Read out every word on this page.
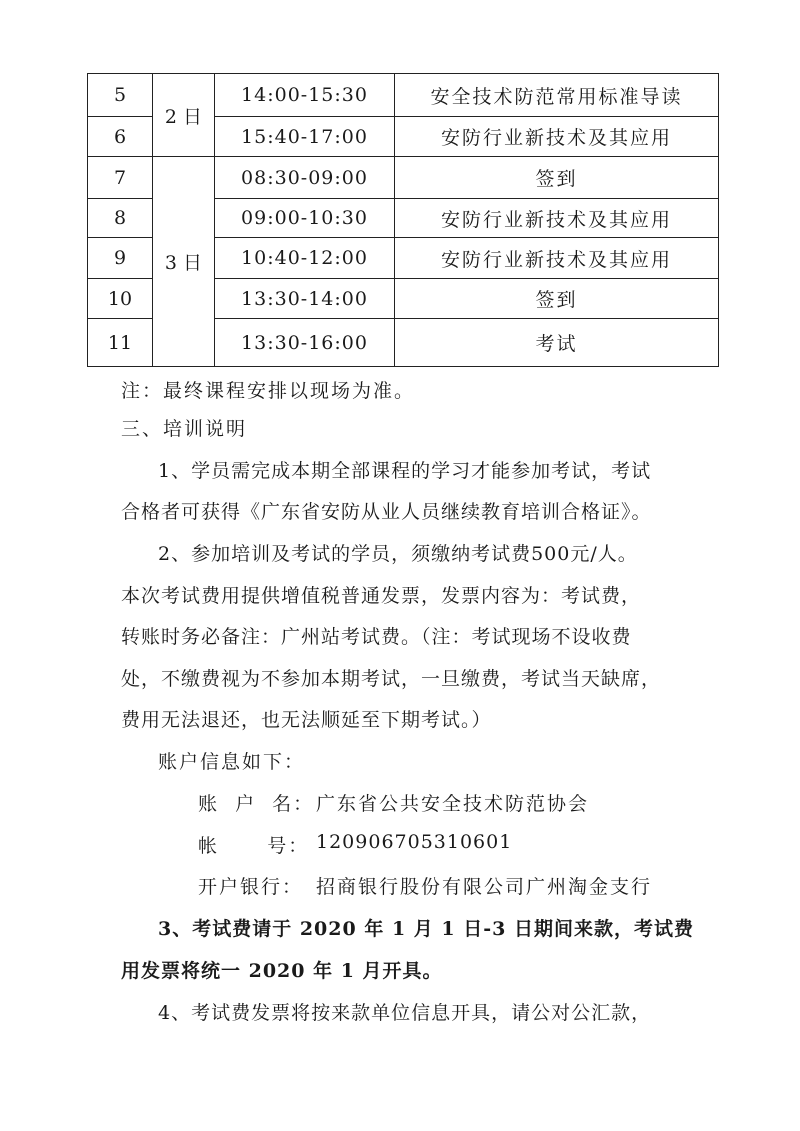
5	2 日	14:00-15:30	安全技术防范常用标准导读
6		15:40-17:00	安防行业新技术及其应用
7	3 日	08:30-09:00	签到
8		09:00-10:30	安防行业新技术及其应用
9		10:40-12:00	安防行业新技术及其应用
10		13:30-14:00	签到
11		13:30-16:00	考试
注：最终课程安排以现场为准。
三、培训说明
1、学员需完成本期全部课程的学习才能参加考试，考试
合格者可获得《广东省安防从业人员继续教育培训合格证》。
2、参加培训及考试的学员，须缴纳考试费500元/人。
本次考试费用提供增值税普通发票，发票内容为：考试费，
转账时务必备注：广州站考试费。（注：考试现场不设收费
处，不缴费视为不参加本期考试，一旦缴费，考试当天缺席，
费用无法退还，也无法顺延至下期考试。）
账户信息如下：
账  户  名： 广东省公共安全技术防范协会
帐      号： 120906705310601
开户银行： 招商银行股份有限公司广州淘金支行
3、考试费请于 2020 年 1 月 1 日-3 日期间来款，考试费
用发票将统一 2020 年 1 月开具。
4、考试费发票将按来款单位信息开具，请公对公汇款，
